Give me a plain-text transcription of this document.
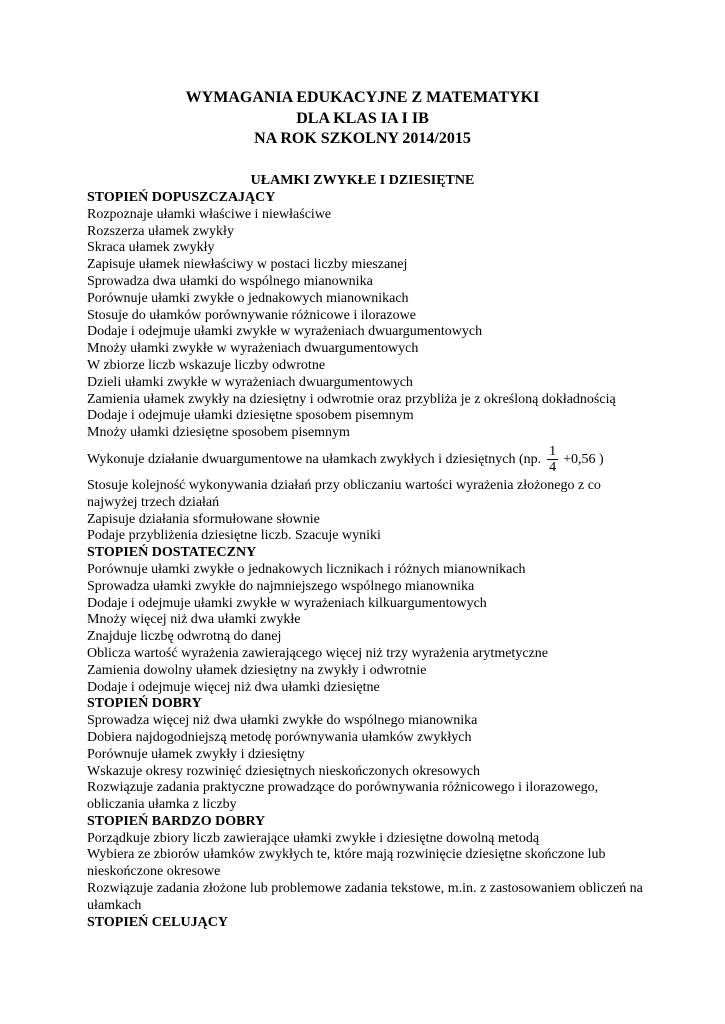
WYMAGANIA EDUKACYJNE Z MATEMATYKI
DLA KLAS IA I IB
NA ROK SZKOLNY 2014/2015
UŁAMKI ZWYKŁE I DZIESIĘTNE

STOPIEŃ DOPUSZCZAJĄCY

Rozpoznaje ułamki właściwe i niewłaściwe

Rozszerza ułamek zwykły

Skraca ułamek zwykły

Zapisuje ułamek niewłaściwy w postaci liczby mieszanej

Sprowadza dwa ułamki do wspólnego mianownika

Porównuje ułamki zwykłe o jednakowych mianownikach

Stosuje do ułamków porównywanie różnicowe i ilorazowe

Dodaje i odejmuje ułamki zwykłe w wyrażeniach dwuargumentowych

Mnoży ułamki zwykłe w wyrażeniach dwuargumentowych

W zbiorze liczb wskazuje liczby odwrotne

Dzieli ułamki zwykłe w wyrażeniach dwuargumentowych

Zamienia ułamek zwykły na dziesiętny i odwrotnie oraz przybliża je z określoną dokładnością

Dodaje i odejmuje ułamki dziesiętne sposobem pisemnym

Mnoży ułamki dziesiętne sposobem pisemnym

Wykonuje działanie dwuargumentowe na ułamkach zwykłych i dziesiętnych (np. $\frac{1}{4} +0,56$ )

Stosuje kolejność wykonywania działań przy obliczaniu wartości wyrażenia złożonego z co najwyżej trzech działań

Zapisuje działania sformułowane słownie

Podaje przybliżenia dziesiętne liczb. Szacuje wyniki

STOPIEŃ DOSTATECZNY

Porównuje ułamki zwykłe o jednakowych licznikach i różnych mianownikach

Sprowadza ułamki zwykłe do najmniejszego wspólnego mianownika

Dodaje i odejmuje ułamki zwykłe w wyrażeniach kilkuargumentowych

Mnoży więcej niż dwa ułamki zwykłe

Znajduje liczbę odwrotną do danej

Oblicza wartość wyrażenia zawierającego więcej niż trzy wyrażenia arytmetyczne

Zamienia dowolny ułamek dziesiętny na zwykły i odwrotnie

Dodaje i odejmuje więcej niż dwa ułamki dziesiętne

STOPIEŃ DOBRY

Sprowadza więcej niż dwa ułamki zwykłe do wspólnego mianownika

Dobiera najdogodniejszą metodę porównywania ułamków zwykłych

Porównuje ułamek zwykły i dziesiętny

Wskazuje okresy rozwinięć dziesiętnych nieskończonych okresowych

Rozwiązuje zadania praktyczne prowadzące do porównywania różnicowego i ilorazowego, obliczania ułamka z liczby

STOPIEŃ BARDZO DOBRY

Porządkuje zbiory liczb zawierające ułamki zwykłe i dziesiętne dowolną metodą

Wybiera ze zbiorów ułamków zwykłych te, które mają rozwinięcie dziesiętne skończone lub nieskończone okresowe

Rozwiązuje zadania złożone lub problemowe zadania tekstowe, m.in. z zastosowaniem obliczeń na ułamkach

STOPIEŃ CELUJĄCY
